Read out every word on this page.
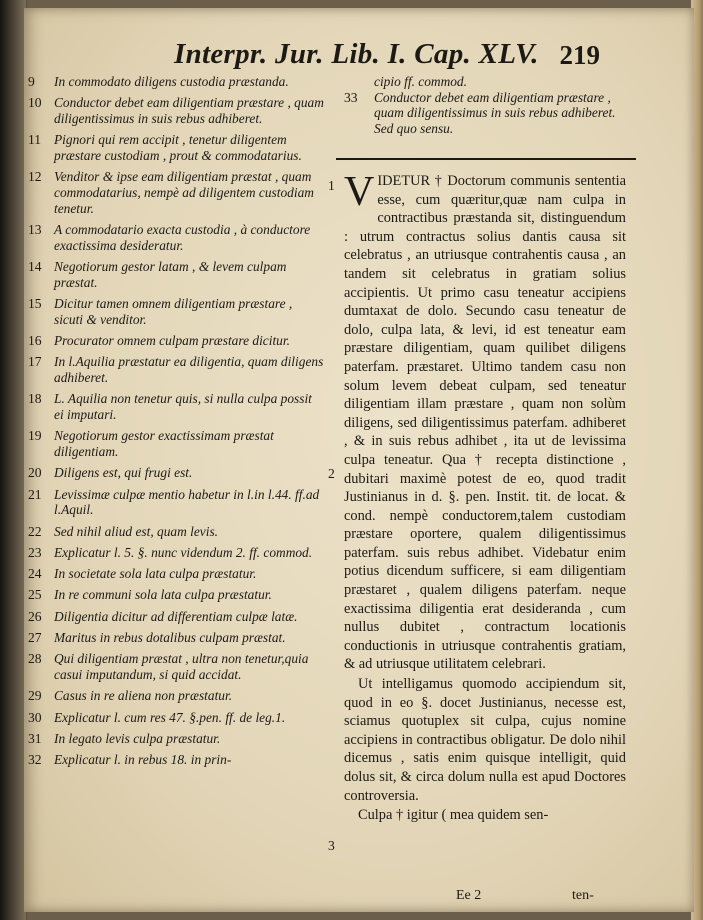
Interpr. Jur. Lib. I. Cap. XLV. 219
9	In commodato diligens custodia præstanda.
10 Conductor debet eam diligentiam præstare , quam diligentissimus in suis rebus adhiberet.
11 Pignori qui rem accipit , tenetur diligentem præstare custodiam , prout & commodatarius.
12 Venditor & ipse eam diligentiam præstat , quam commodatarius, nempè ad diligentem custodiam tenetur.
13 A commodatario exacta custodia , à conductore exactissima desideratur.
14 Negotiorum gestor latam , & levem culpam præstat.
15 Dicitur tamen omnem diligentiam præstare , sicuti & venditor.
16 Procurator omnem culpam præstare dicitur.
17 In l.Aquilia præstatur ea diligentia, quam diligens adhiberet.
18 L. Aquilia non tenetur quis, si nulla culpa possit ei imputari.
19 Negotiorum gestor exactissimam præstat diligentiam.
20 Diligens est, qui frugi est.
21 Levissimæ culpæ mentio habetur in l.in l.44. ff.ad l.Aquil.
22 Sed nihil aliud est, quam levis.
23 Explicatur l. 5. §. nunc videndum 2. ff. commod.
24 In societate sola lata culpa præstatur.
25 In re communi sola lata culpa præstatur.
26 Diligentia dicitur ad differentiam culpæ latæ.
27 Maritus in rebus dotalibus culpam præstat.
28 Qui diligentiam præstat , ultra non tenetur,quia casui imputandum, si quid accidat.
29 Casus in re aliena non præstatur.
30 Explicatur l. cum res 47. §.pen. ff. de leg.1.
31 In legato levis culpa præstatur.
32 Explicatur l. in rebus 18. in prin-
cipio ff. commod.
33	Conductor debet eam diligentiam præstare , quam diligentissimus in suis rebus adhiberet. Sed quo sensu.
1
2
3

VIDETUR † Doctorum communis sententia esse, cum quæritur,quæ nam culpa in contractibus præstanda sit, distinguendum : utrum contractus solius dantis causa sit celebratus , an utriusque contrahentis causa , an tandem sit celebratus in gratiam solius accipientis. Ut primo casu teneatur accipiens dumtaxat de dolo. Secundo casu teneatur de dolo, culpa lata, & levi, id est teneatur eam præstare diligentiam, quam quilibet diligens paterfam. præstaret. Ultimo tandem casu non solum levem debeat culpam, sed teneatur diligentiam illam præstare , quam non solùm diligens, sed diligentissimus paterfam. adhiberet , & in suis rebus adhibet , ita ut de levissima culpa teneatur. Qua † recepta distinctione , dubitari maximè potest de eo, quod tradit Justinianus in d. §. pen. Instit. tit. de locat. & cond. nempè conductorem,talem custodiam præstare oportere, qualem diligentissimus paterfam. suis rebus adhibet. Videbatur enim potius dicendum sufficere, si eam diligentiam præstaret , qualem diligens paterfam. neque exactissima diligentia erat desideranda , cum nullus dubitet , contractum locationis conductionis in utriusque contrahentis gratiam, & ad utriusque utilitatem celebrari.

Ut intelligamus quomodo accipiendum sit, quod in eo §. docet Justinianus, necesse est, sciamus quotuplex sit culpa, cujus nomine accipiens in contractibus obligatur. De dolo nihil dicemus , satis enim quisque intelligit, quid dolus sit, & circa dolum nulla est apud Doctores controversia.

Culpa † igitur ( mea quidem sen-

Ee 2	ten-
